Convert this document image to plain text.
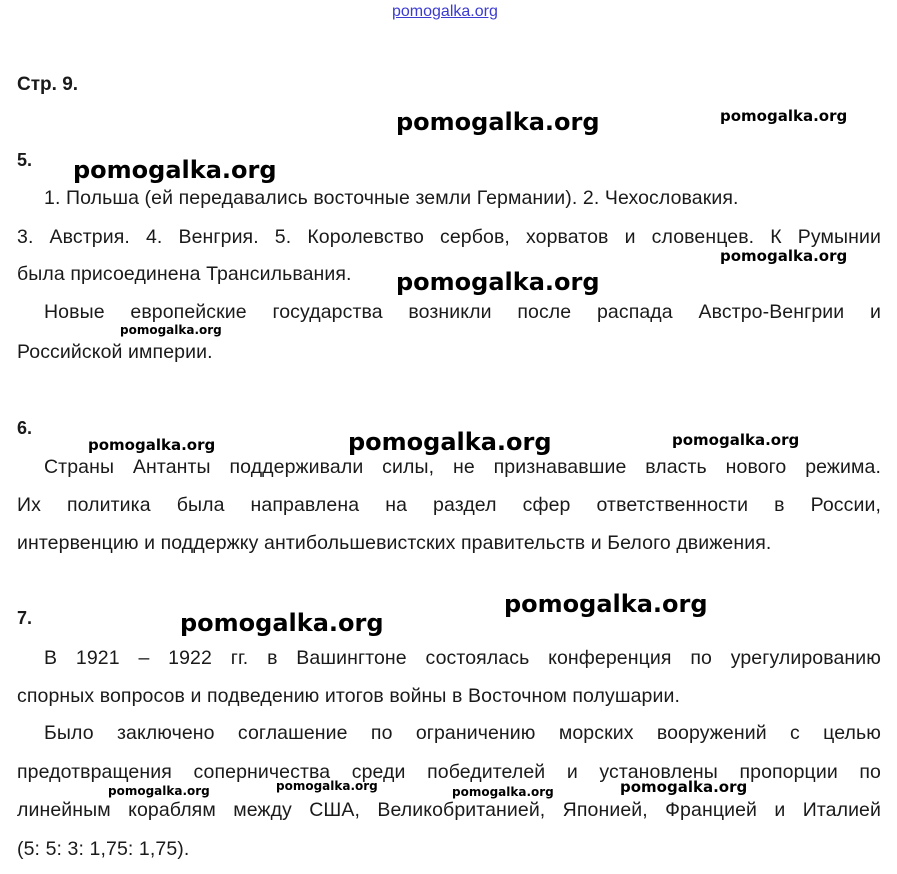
pomogalka.org
Стр. 9.
5.
1. Польша (ей передавались восточные земли Германии). 2. Чехословакия.
3. Австрия. 4. Венгрия. 5. Королевство сербов, хорватов и словенцев. К Румынии
была присоединена Трансильвания.
Новые европейские государства возникли после распада Австро-Венгрии и
Российской империи.
6.
Страны Антанты поддерживали силы, не признававшие власть нового режима.
Их политика была направлена на раздел сфер ответственности в России,
интервенцию и поддержку антибольшевистских правительств и Белого движения.
7.
В 1921 – 1922 гг. в Вашингтоне состоялась конференция по урегулированию
спорных вопросов и подведению итогов войны в Восточном полушарии.
Было заключено соглашение по ограничению морских вооружений с целью
предотвращения соперничества среди победителей и установлены пропорции по
линейным кораблям между США, Великобританией, Японией, Францией и Италией
(5: 5: 3: 1,75: 1,75).
pomogalka.org	pomogalka.org
pomogalka.org
pomogalka.org
pomogalka.org
pomogalka.org
pomogalka.org	pomogalka.org	pomogalka.org
pomogalka.org
pomogalka.org
pomogalka.org	pomogalka.org	pomogalka.org	pomogalka.org
